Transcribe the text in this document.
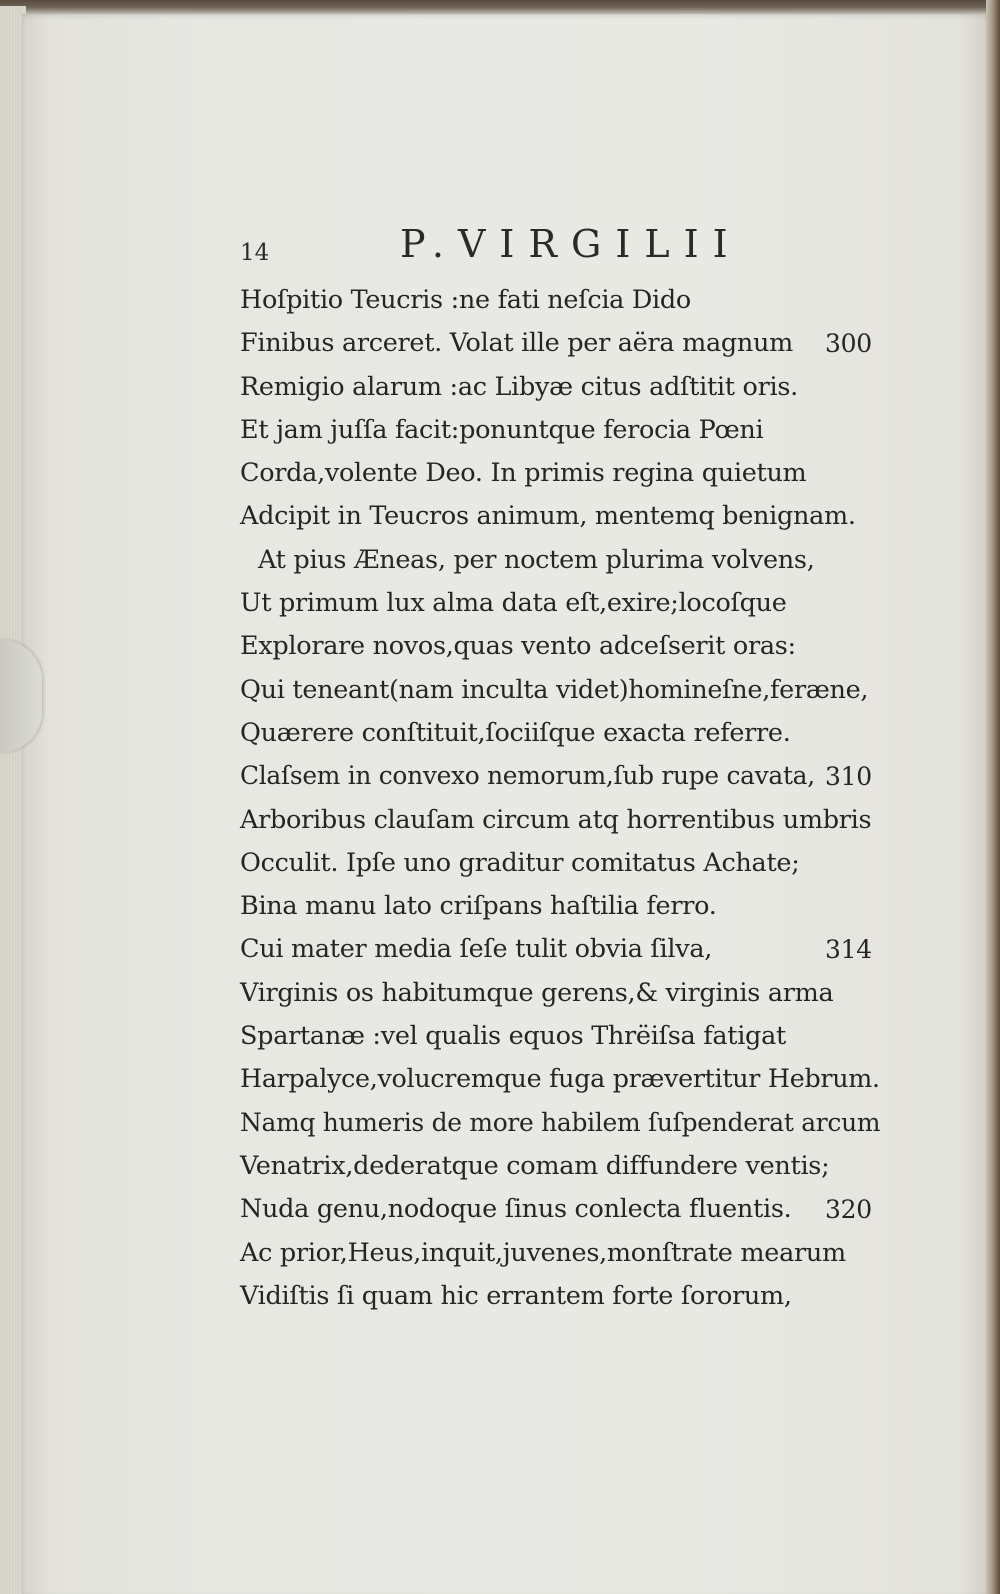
14	P.VIRGILII
Hoſpitio Teucris :ne fati neſcia Dido
Finibus arceret. Volat ille per aëra magnum 300
Remigio alarum :ac Libyæ citus adſtitit oris.
Et jam juſſa facit:ponuntque ferocia Pœni
Corda,volente Deo. In primis regina quietum
Adcipit in Teucros animum, mentemq benignam.
At pius Æneas, per noctem plurima volvens,
Ut primum lux alma data eſt,exire;locoſque
Explorare novos,quas vento adceſserit oras:
Qui teneant(nam inculta videt)homineſne,feræne,
Quærere conſtituit,ſociiſque exacta referre.
Claſsem in convexo nemorum,ſub rupe cavata, 310
Arboribus clauſam circum atq horrentibus umbris
Occulit. Ipſe uno graditur comitatus Achate;
Bina manu lato criſpans haſtilia ferro.
Cui mater media ſeſe tulit obvia ſilva,	314
Virginis os habitumque gerens,& virginis arma
Spartanæ :vel qualis equos Thrëiſsa fatigat
Harpalyce,volucremque fuga prævertitur Hebrum.
Namq humeris de more habilem ſuſpenderat arcum
Venatrix,dederatque comam diffundere ventis;
Nuda genu,nodoque ſinus conlecta fluentis. 320
Ac prior,Heus,inquit,juvenes,monſtrate mearum
Vidiſtis ſi quam hic errantem forte ſororum,
